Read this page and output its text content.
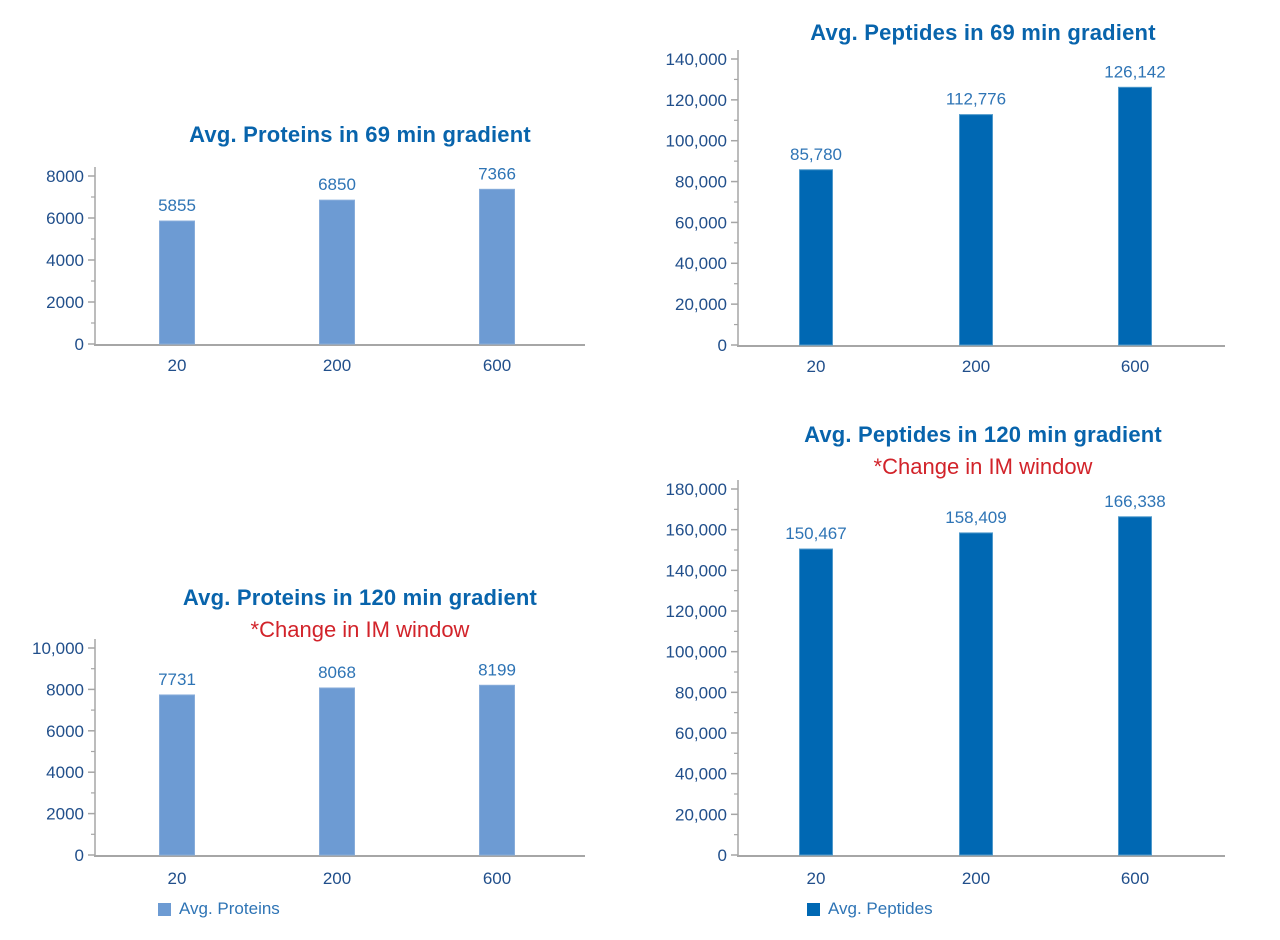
0
2000
4000
6000
8000
5855
20
6850
200
7366
600
0
20,000
40,000
60,000
80,000
100,000
120,000
140,000
85,780
20
112,776
200
126,142
600
0
2000
4000
6000
8000
10,000
7731
20
8068
200
8199
600
0
20,000
40,000
60,000
80,000
100,000
120,000
140,000
160,000
180,000
150,467
20
158,409
200
166,338
600
Avg. Proteins in 69 min gradient
Avg. Peptides in 69 min gradient
Avg. Proteins in 120 min gradient
*Change in IM window
Avg. Peptides in 120 min gradient
*Change in IM window
Avg. Proteins	Avg. Peptides
